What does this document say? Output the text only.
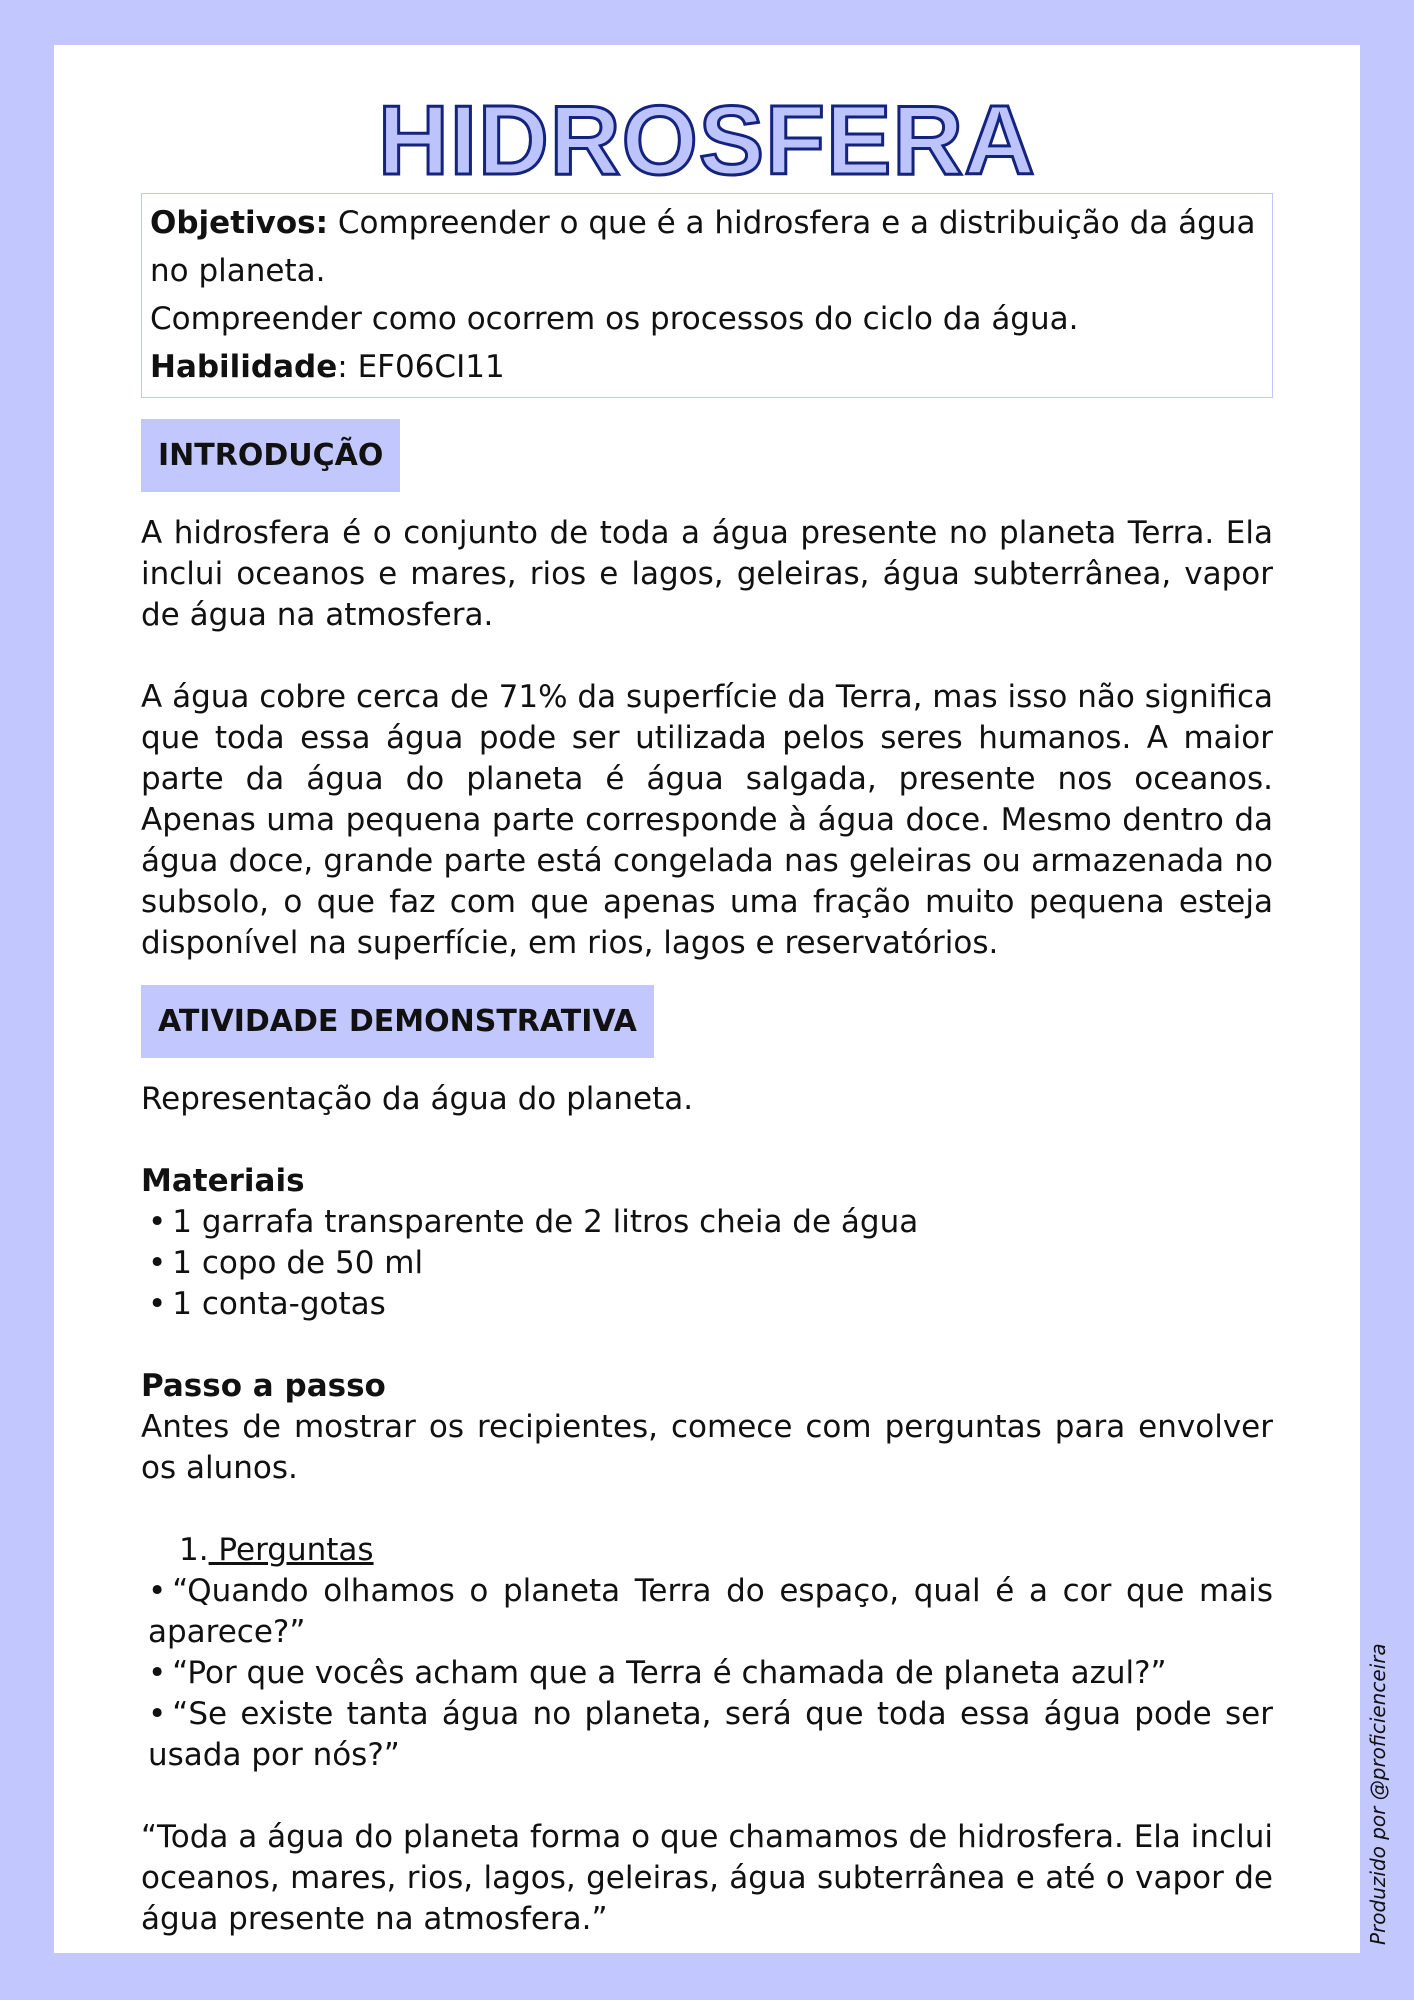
HIDROSFERA
Objetivos: Compreender o que é a hidrosfera e a distribuição da água no planeta.
Compreender como ocorrem os processos do ciclo da água.
Habilidade: EF06CI11
INTRODUÇÃO

A hidrosfera é o conjunto de toda a água presente no planeta Terra. Ela inclui oceanos e mares, rios e lagos, geleiras, água subterrânea, vapor de água na atmosfera.

A água cobre cerca de 71% da superfície da Terra, mas isso não significa que toda essa água pode ser utilizada pelos seres humanos. A maior parte da água do planeta é água salgada, presente nos oceanos. Apenas uma pequena parte corresponde à água doce. Mesmo dentro da água doce, grande parte está congelada nas geleiras ou armazenada no subsolo, o que faz com que apenas uma fração muito pequena esteja disponível na superfície, em rios, lagos e reservatórios.

ATIVIDADE DEMONSTRATIVA

Representação da água do planeta.

Materiais

• 1 garrafa transparente de 2 litros cheia de água
• 1 copo de 50 ml
• 1 conta-gotas

Passo a passo

Antes de mostrar os recipientes, comece com perguntas para envolver os alunos.

1. Perguntas

• “Quando olhamos o planeta Terra do espaço, qual é a cor que mais aparece?”
• “Por que vocês acham que a Terra é chamada de planeta azul?”
• “Se existe tanta água no planeta, será que toda essa água pode ser usada por nós?”

“Toda a água do planeta forma o que chamamos de hidrosfera. Ela inclui oceanos, mares, rios, lagos, geleiras, água subterrânea e até o vapor de água presente na atmosfera.”	Produzido por @proficienceira
